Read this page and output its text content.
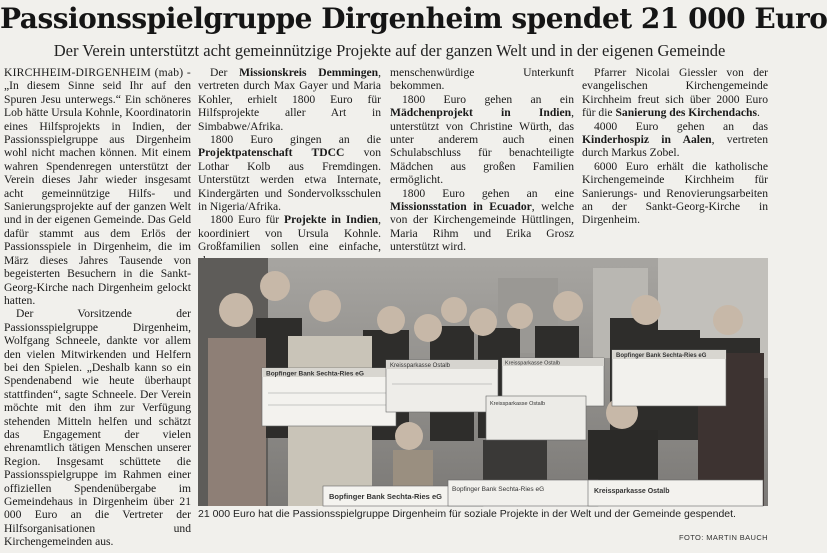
Passionsspielgruppe Dirgenheim spendet 21 000 Euro
Der Verein unterstützt acht gemeinnützige Projekte auf der ganzen Welt und in der eigenen Gemeinde

KIRCHHEIM-DIRGENHEIM (mab) - „In diesem Sinne seid Ihr auf den Spuren Jesu unterwegs.“ Ein schöneres Lob hätte Ursula Kohnle, Koordinatorin eines Hilfsprojekts in Indien, der Passionsspielgruppe aus Dirgenheim wohl nicht machen können. Mit einem wahren Spendenregen unterstützt der Verein dieses Jahr wieder insgesamt acht gemeinnützige Hilfs- und Sanierungsprojekte auf der ganzen Welt und in der eigenen Gemeinde. Das Geld dafür stammt aus dem Erlös der Passionsspiele in Dirgenheim, die im März dieses Jahres Tausende von begeisterten Besuchern in die Sankt-Georg-Kirche nach Dirgenheim gelockt hatten.

Der Vorsitzende der Passionsspielgruppe Dirgenheim, Wolfgang Schneele, dankte vor allem den vielen Mitwirkenden und Helfern bei den Spielen. „Deshalb kann so ein Spendenabend wie heute überhaupt stattfinden“, sagte Schneele. Der Verein möchte mit den ihm zur Verfügung stehenden Mitteln helfen und schätzt das Engagement der vielen ehrenamtlich tätigen Menschen unserer Region. Insgesamt schüttete die Passionsspielgruppe im Rahmen einer offiziellen Spendenübergabe im Gemeindehaus in Dirgenheim über 21 000 Euro an die Vertreter der Hilfsorganisationen und Kirchengemeinden aus.

Der Missionskreis Demmingen, vertreten durch Max Gayer und Maria Kohler, erhielt 1800 Euro für Hilfsprojekte aller Art in Simbabwe/Afrika.

1800 Euro gingen an die Projektpatenschaft TDCC von Lothar Kolb aus Fremdingen. Unterstützt werden etwa Internate, Kindergärten und Sondervolksschulen in Nigeria/Afrika.

1800 Euro für Projekte in Indien, koordiniert von Ursula Kohnle. Großfamilien sollen eine einfache,

menschenwürdige Unterkunft bekommen.

1800 Euro gehen an ein Mädchenprojekt in Indien, unterstützt von Christine Würth, das unter anderem auch einen Schulabschluss für benachteiligte Mädchen aus großen Familien ermöglicht.

1800 Euro gehen an eine Missionsstation in Ecuador, welche von der Kirchengemeinde Hüttlingen, Maria Rihm und Erika Grosz unterstützt wird.

Pfarrer Nicolai Giessler von der evangelischen Kirchengemeinde Kirchheim freut sich über 2000 Euro für die Sanierung des Kirchendachs.

4000 Euro gehen an das Kinderhospiz in Aalen, vertreten durch Markus Zobel.

6000 Euro erhält die katholische Kirchengemeinde Kirchheim für Sanierungs- und Renovierungsarbeiten an der Sankt-Georg-Kirche in Dirgenheim.

Bopfinger Bank Sechta-Ries eG
Kreissparkasse Ostalb	Kreissparkasse Ostalb
Bopfinger Bank Sechta-Ries eG
Kreissparkasse Ostalb
Bopfinger Bank Sechta-Ries eG
Bopfinger Bank Sechta-Ries eG	Kreissparkasse Ostalb
21 000 Euro hat die Passionsspielgruppe Dirgenheim für soziale Projekte in der Welt und der Gemeinde gespendet.
FOTO: MARTIN BAUCH
